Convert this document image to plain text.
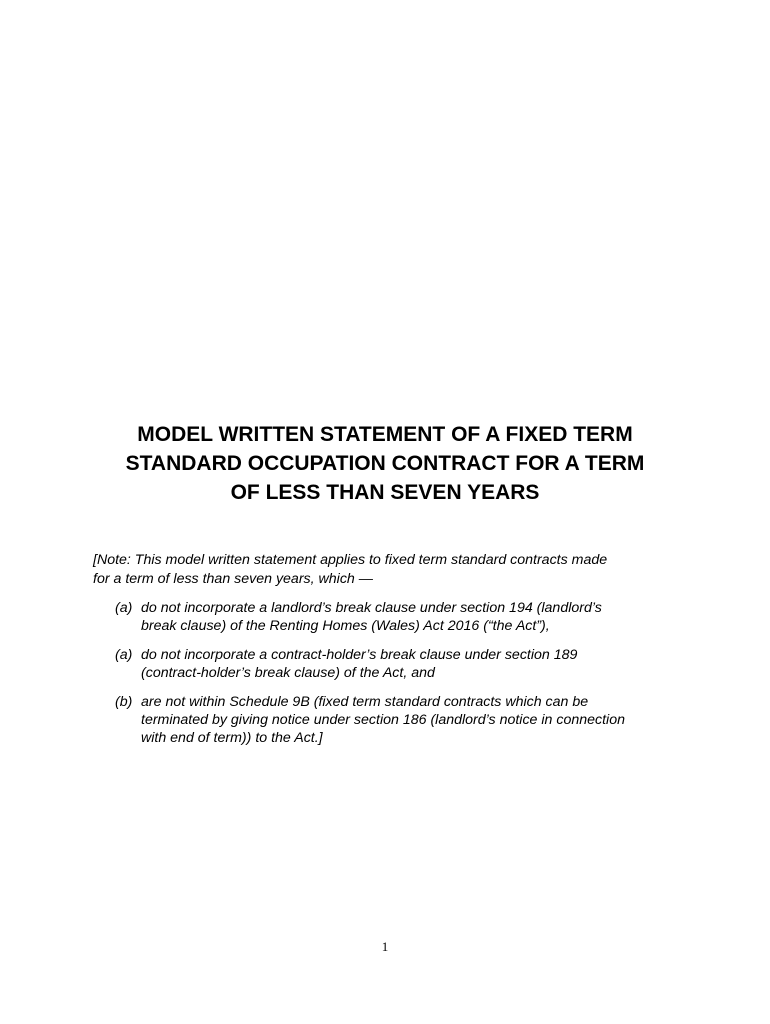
MODEL WRITTEN STATEMENT OF A FIXED TERM
STANDARD OCCUPATION CONTRACT FOR A TERM
OF LESS THAN SEVEN YEARS

[Note: This model written statement applies to fixed term standard contracts made
for a term of less than seven years, which —

(a) do not incorporate a landlord’s break clause under section 194 (landlord’s
break clause) of the Renting Homes (Wales) Act 2016 (“the Act”),
(a) do not incorporate a contract-holder’s break clause under section 189
(contract-holder’s break clause) of the Act, and
(b) are not within Schedule 9B (fixed term standard contracts which can be
terminated by giving notice under section 186 (landlord’s notice in connection
with end of term)) to the Act.]
1
